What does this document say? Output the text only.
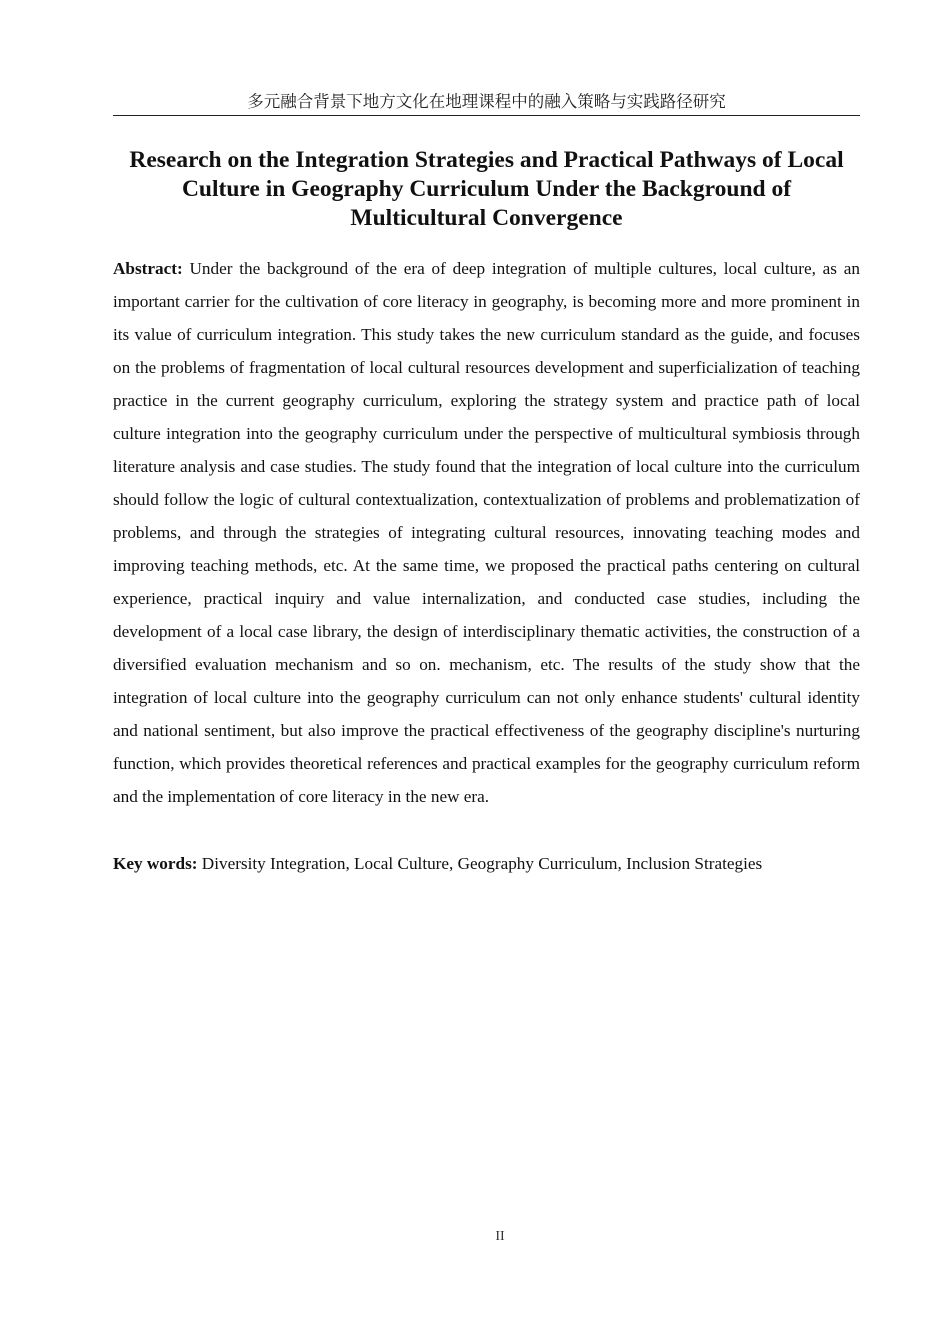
多元融合背景下地方文化在地理课程中的融入策略与实践路径研究
Research on the Integration Strategies and Practical Pathways of Local Culture in Geography Curriculum Under the Background of Multicultural Convergence

Abstract: Under the background of the era of deep integration of multiple cultures, local culture, as an important carrier for the cultivation of core literacy in geography, is becoming more and more prominent in its value of curriculum integration. This study takes the new curriculum standard as the guide, and focuses on the problems of fragmentation of local cultural resources development and superficialization of teaching practice in the current geography curriculum, exploring the strategy system and practice path of local culture integration into the geography curriculum under the perspective of multicultural symbiosis through literature analysis and case studies. The study found that the integration of local culture into the curriculum should follow the logic of cultural contextualization, contextualization of problems and problematization of problems, and through the strategies of integrating cultural resources, innovating teaching modes and improving teaching methods, etc. At the same time, we proposed the practical paths centering on cultural experience, practical inquiry and value internalization, and conducted case studies, including the development of a local case library, the design of interdisciplinary thematic activities, the construction of a diversified evaluation mechanism and so on. mechanism, etc. The results of the study show that the integration of local culture into the geography curriculum can not only enhance students' cultural identity and national sentiment, but also improve the practical effectiveness of the geography discipline's nurturing function, which provides theoretical references and practical examples for the geography curriculum reform and the implementation of core literacy in the new era.

Key words: Diversity Integration, Local Culture, Geography Curriculum, Inclusion Strategies

II
